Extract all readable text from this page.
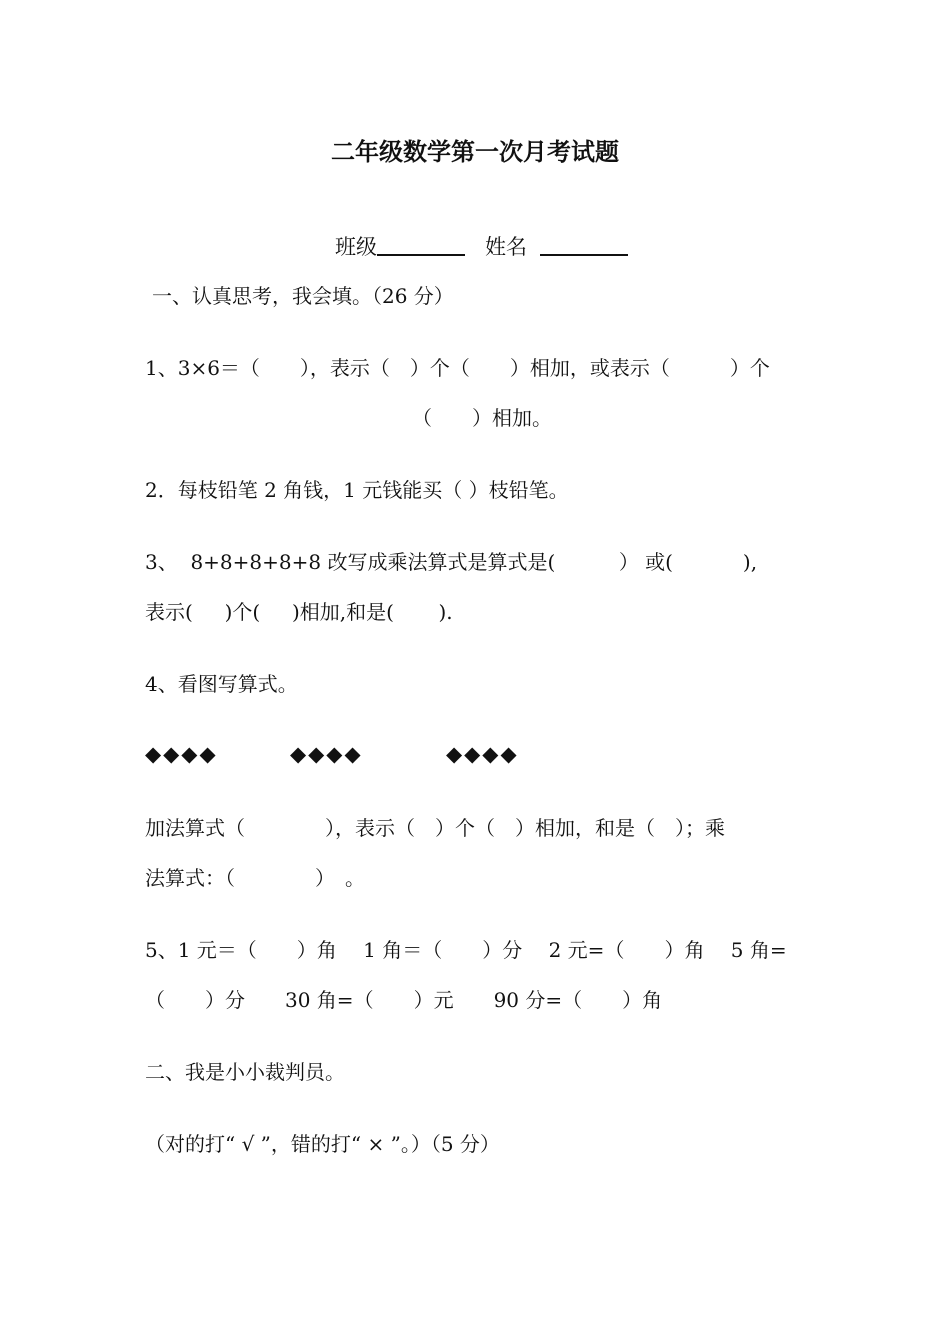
二年级数学第一次月考试题

班级	姓名

一、认真思考，我会填。（26 分）
1、3×6＝（　　），表示（　）个（　　）相加，或表示（　　　）个
（　　）相加。
2．每枝铅笔 2 角钱，1 元钱能买（ ）枝铅笔。
3、  8+8+8+8+8 改写成乘法算式是算式是(          ） 或(           ),
表示(     )个(     )相加,和是(       ).
4、看图写算式。
◆◆◆◆	◆◆◆◆	◆◆◆◆
加法算式（　　　　），表示（　）个（　）相加，和是（　）；乘
法算式：（　　　　）　。
5、1 元＝（　　）角　 1 角＝（　　）分　 2 元=（　　）角　 5 角=
（　　）分　　30 角=（　　）元　　90 分=（　　）角
二、我是小小裁判员。
（对的打“ √ ”，错的打“ × ”。）（5 分）
